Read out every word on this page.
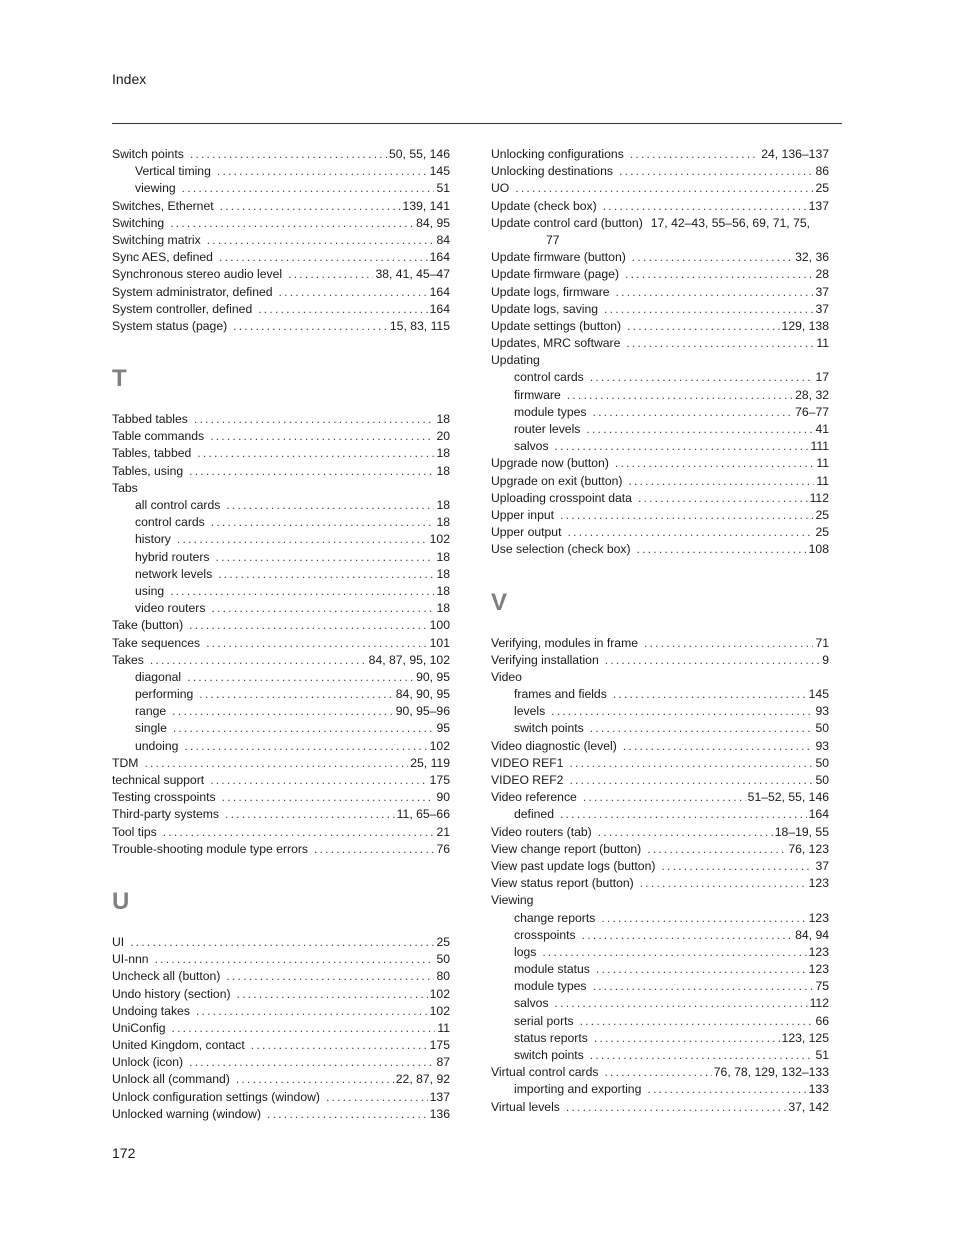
Index
Switch points . . .	50, 55, 146
Vertical timing . . .	145
viewing . . .	51
Switches, Ethernet . . .	139, 141
Switching . . .	84, 95
Switching matrix . . .	84
Sync AES, defined . . .	164
Synchronous stereo audio level . . .	38, 41, 45–47
System administrator, defined . . .	164
System controller, defined . . .	164
System status (page) . . .	15, 83, 115
T
Tabbed tables . . .	18
Table commands . . .	20
Tables, tabbed . . .	18
Tables, using . . .	18
Tabs
all control cards . . .	18
control cards . . .	18
history . . .	102
hybrid routers . . .	18
network levels . . .	18
using . . .	18
video routers . . .	18
Take (button) . . .	100
Take sequences . . .	101
Takes . . .	84, 87, 95, 102
diagonal . . .	90, 95
performing . . .	84, 90, 95
range . . .	90, 95–96
single . . .	95
undoing . . .	102
TDM . . .	25, 119
technical support . . .	175
Testing crosspoints . . .	90
Third-party systems . . .	11, 65–66
Tool tips . . .	21
Trouble-shooting module type errors . . .	76
U
UI . . .	25
UI-nnn . . .	50
Uncheck all (button) . . .	80
Undo history (section) . . .	102
Undoing takes . . .	102
UniConfig . . .	11
United Kingdom, contact . . .	175
Unlock (icon) . . .	87
Unlock all (command) . . .	22, 87, 92
Unlock configuration settings (window) . . .	137
Unlocked warning (window) . . .	136
Unlocking configurations . . .	24, 136–137
Unlocking destinations . . .	86
UO . . .	25
Update (check box) . . .	137
Update control card (button) 17, 42–43, 55–56, 69, 71, 75,
77
Update firmware (button) . . .	32, 36
Update firmware (page) . . .	28
Update logs, firmware . . .	37
Update logs, saving . . .	37
Update settings (button) . . .	129, 138
Updates, MRC software . . .	11
Updating
control cards . . .	17
firmware . . .	28, 32
module types . . .	76–77
router levels . . .	41
salvos . . .	111
Upgrade now (button) . . .	11
Upgrade on exit (button) . . .	11
Uploading crosspoint data . . .	112
Upper input . . .	25
Upper output . . .	25
Use selection (check box) . . .	108
V
Verifying, modules in frame . . .	71
Verifying installation . . .	9
Video
frames and fields . . .	145
levels . . .	93
switch points . . .	50
Video diagnostic (level) . . .	93
VIDEO REF1 . . .	50
VIDEO REF2 . . .	50
Video reference . . .	51–52, 55, 146
defined . . .	164
Video routers (tab) . . .	18–19, 55
View change report (button) . . .	76, 123
View past update logs (button) . . .	37
View status report (button) . . .	123
Viewing
change reports . . .	123
crosspoints . . .	84, 94
logs . . .	123
module status . . .	123
module types . . .	75
salvos . . .	112
serial ports . . .	66
status reports . . .	123, 125
switch points . . .	51
Virtual control cards . . .	76, 78, 129, 132–133
importing and exporting . . .	133
Virtual levels . . .	37, 142
172
